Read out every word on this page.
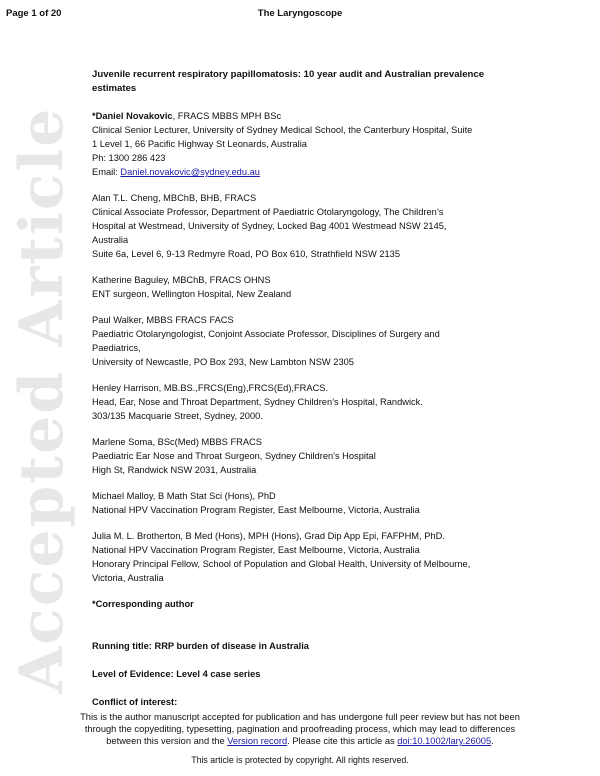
Page 1 of 20	The Laryngoscope
Accepted Article
Juvenile recurrent respiratory papillomatosis: 10 year audit and Australian prevalence
estimates
*Daniel Novakovic, FRACS MBBS MPH BSc
Clinical Senior Lecturer, University of Sydney Medical School, the Canterbury Hospital, Suite
1 Level 1, 66 Pacific Highway St Leonards, Australia
Ph: 1300 286 423
Email: Daniel.novakovic@sydney.edu.au
Alan T.L. Cheng, MBChB, BHB, FRACS
Clinical Associate Professor, Department of Paediatric Otolaryngology, The Children’s
Hospital at Westmead, University of Sydney, Locked Bag 4001 Westmead NSW 2145,
Australia
Suite 6a, Level 6, 9-13 Redmyre Road, PO Box 610, Strathfield NSW 2135
Katherine Baguley, MBChB, FRACS OHNS
ENT surgeon, Wellington Hospital, New Zealand
Paul Walker, MBBS FRACS FACS
Paediatric Otolaryngologist, Conjoint Associate Professor, Disciplines of Surgery and
Paediatrics,
University of Newcastle, PO Box 293, New Lambton NSW 2305
Henley Harrison, MB.BS.,FRCS(Eng),FRCS(Ed),FRACS.
Head, Ear, Nose and Throat Department, Sydney Children’s Hospital, Randwick.
303/135 Macquarie Street, Sydney, 2000.
Marlene Soma, BSc(Med) MBBS FRACS
Paediatric Ear Nose and Throat Surgeon, Sydney Children's Hospital
High St, Randwick NSW 2031, Australia
Michael Malloy, B Math Stat Sci (Hons), PhD
National HPV Vaccination Program Register, East Melbourne, Victoria, Australia
Julia M. L. Brotherton, B Med (Hons), MPH (Hons), Grad Dip App Epi, FAFPHM, PhD.
National HPV Vaccination Program Register, East Melbourne, Victoria, Australia
Honorary Principal Fellow, School of Population and Global Health, University of Melbourne,
Victoria, Australia
*Corresponding author
Running title: RRP burden of disease in Australia
Level of Evidence: Level 4 case series
Conflict of interest:
This is the author manuscript accepted for publication and has undergone full peer review but has not been
through the copyediting, typesetting, pagination and proofreading process, which may lead to differences
between this version and the Version record. Please cite this article as doi:10.1002/lary.26005.
This article is protected by copyright. All rights reserved.
